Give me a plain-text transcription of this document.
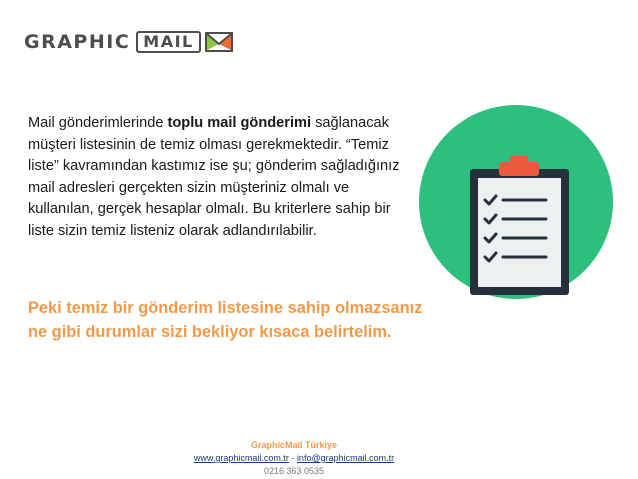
GRAPHIC MAIL

Mail gönderimlerinde toplu mail gönderimi sağlanacak müşteri listesinin de temiz olması gerekmektedir. “Temiz liste” kavramından kastımız ise şu; gönderim sağladığınız mail adresleri gerçekten sizin müşteriniz olmalı ve kullanılan, gerçek hesaplar olmalı. Bu kriterlere sahip bir liste sizin temiz listeniz olarak adlandırılabilir.

Peki temiz bir gönderim listesine sahip olmazsanız ne gibi durumlar sizi bekliyor kısaca belirtelim.

GraphicMail Türkiye
www.graphicmail.com.tr - info@graphicmail.com.tr
0216 363 0535
